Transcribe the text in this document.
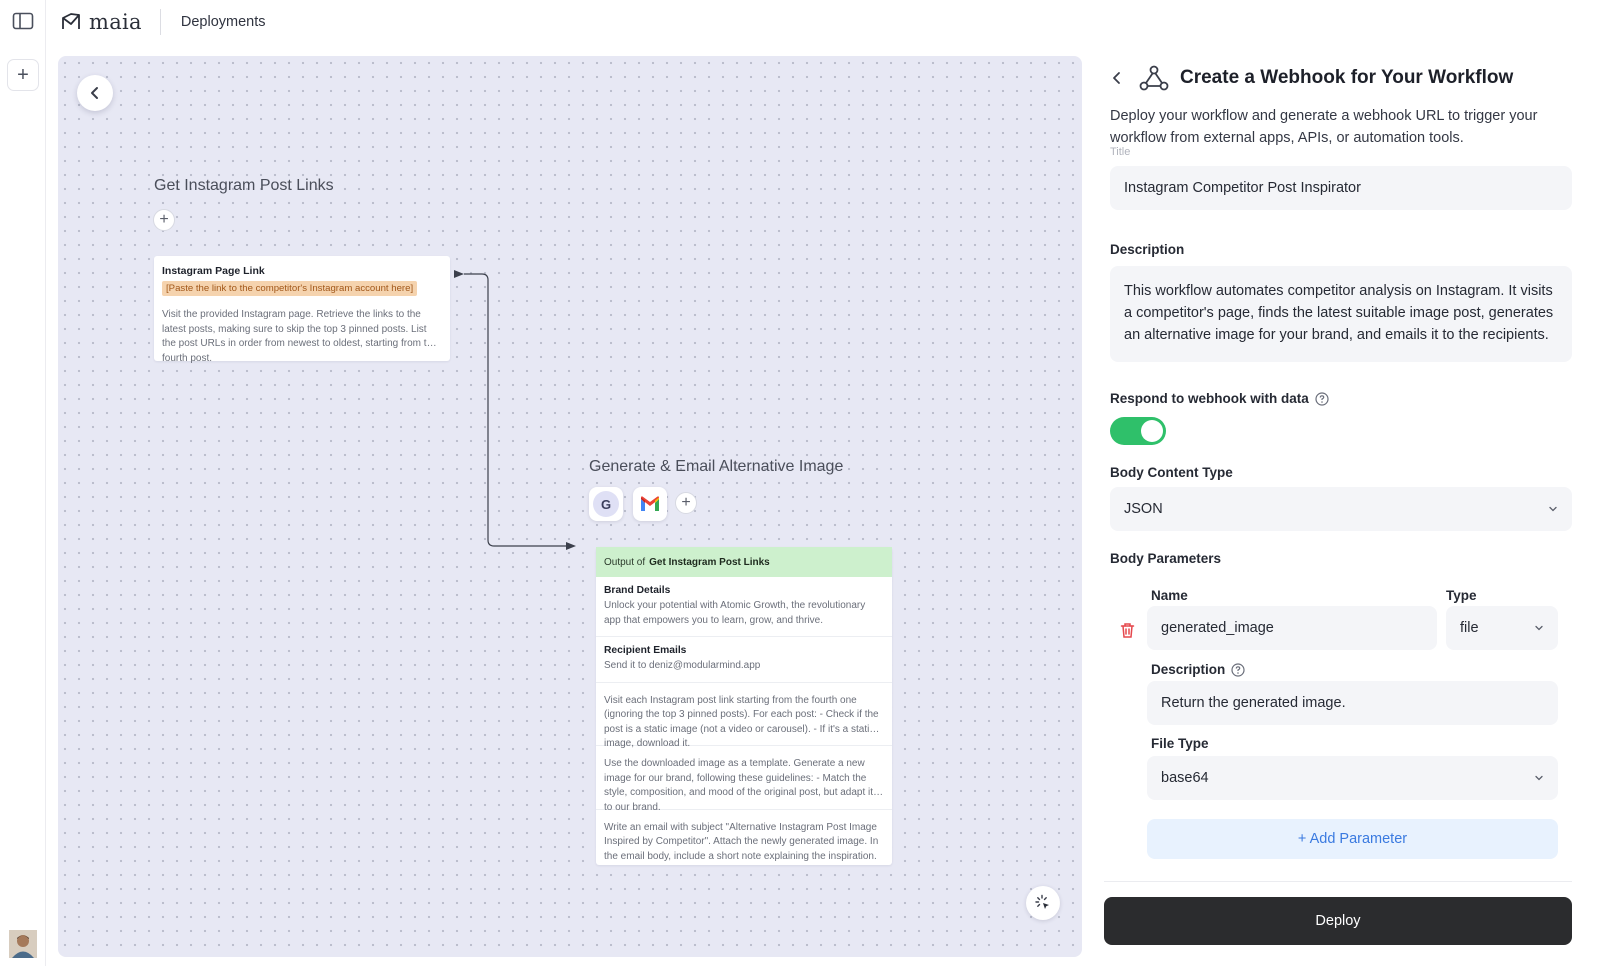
+
maia	Deployments
Get Instagram Post Links
+
Instagram Page Link
[Paste the link to the competitor's Instagram account here]
Visit the provided Instagram page. Retrieve the links to the latest posts, making sure to skip the top 3 pinned posts. List the post URLs in order from newest to oldest, starting from the fourth post.
Generate & Email Alternative Image
G	+
Output of Get Instagram Post Links
Brand Details
Unlock your potential with Atomic Growth, the revolutionary app that empowers you to learn, grow, and thrive.
Recipient Emails
Send it to deniz@modularmind.app
Visit each Instagram post link starting from the fourth one (ignoring the top 3 pinned posts). For each post: - Check if the post is a static image (not a video or carousel). - If it's a static image, download it.
Use the downloaded image as a template. Generate a new image for our brand, following these guidelines: - Match the style, composition, and mood of the original post, but adapt it to our brand.
Write an email with subject "Alternative Instagram Post Image Inspired by Competitor". Attach the newly generated image. In the email body, include a short note explaining the inspiration.
Create a Webhook for Your Workflow
Deploy your workflow and generate a webhook URL to trigger your workflow from external apps, APIs, or automation tools.
Title
Instagram Competitor Post Inspirator
Description
This workflow automates competitor analysis on Instagram. It visits a competitor's page, finds the latest suitable image post, generates an alternative image for your brand, and emails it to the recipients.
Respond to webhook with data
Body Content Type
JSON
Body Parameters
Name	Type
generated_image	file
Description
Return the generated image.
File Type
base64
+ Add Parameter
Deploy
